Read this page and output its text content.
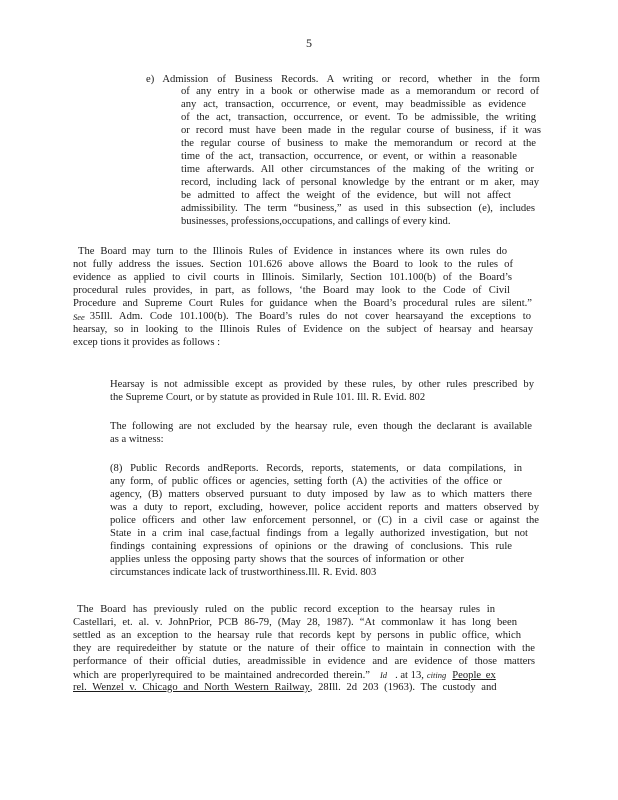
5
e) Admission of Business Records. A writing or record, whether in the form
of any entry in a book or otherwise made as a memorandum or record of
any act, transaction, occurrence, or event, may beadmissible as evidence
of the act, transaction, occurrence, or event. To be admissible, the writing
or record must have been made in the regular course of business, if it was
the regular course of business to make the memorandum or record at the
time of the act, transaction, occurrence, or event, or within a reasonable
time afterwards. All other circumstances of the making of the writing or
record, including lack of personal knowledge by the entrant or m aker, may
be admitted to affect the weight of the evidence, but will not affect
admissibility. The term “business,” as used in this subsection (e), includes
businesses, professions,occupations, and callings of every kind.
The Board may turn to the Illinois Rules of Evidence in instances where its own rules do
not fully address the issues. Section 101.626 above allows the Board to look to the rules of
evidence as applied to civil courts in Illinois. Similarly, Section 101.100(b) of the Board’s
procedural rules provides, in part, as follows, ‘the Board may look to the Code of Civil
Procedure and Supreme Court Rules for guidance when the Board’s procedural rules are silent.”
See 35Ill. Adm. Code 101.100(b). The Board’s rules do not cover hearsayand the exceptions to
hearsay, so in looking to the Illinois Rules of Evidence on the subject of hearsay and hearsay
excep tions it provides as follows :
Hearsay is not admissible except as provided by these rules, by other rules prescribed by
the Supreme Court, or by statute as provided in Rule 101. Ill. R. Evid. 802
The following are not excluded by the hearsay rule, even though the declarant is available
as a witness:
(8) Public Records andReports. Records, reports, statements, or data compilations, in
any form, of public offices or agencies, setting forth (A) the activities of the office or
agency, (B) matters observed pursuant to duty imposed by law as to which matters there
was a duty to report, excluding, however, police accident reports and matters observed by
police officers and other law enforcement personnel, or (C) in a civil case or against the
State in a crim inal case,factual findings from a legally authorized investigation, but not
findings containing expressions of opinions or the drawing of conclusions. This rule
applies unless the opposing party shows that the sources of information or other
circumstances indicate lack of trustworthiness.Ill. R. Evid. 803
The Board has previously ruled on the public record exception to the hearsay rules in
Castellari, et. al. v. JohnPrior, PCB 86-79, (May 28, 1987). “At commonlaw it has long been
settled as an exception to the hearsay rule that records kept by persons in public office, which
they are requiredeither by statute or the nature of their office to maintain in connection with the
performance of their official duties, areadmissible in evidence and are evidence of those matters
which are properlyrequired to be maintained andrecorded therein.” Id . at 13, citing People ex
rel. Wenzel v. Chicago and North Western Railway , 28Ill. 2d 203 (1963). The custody and
